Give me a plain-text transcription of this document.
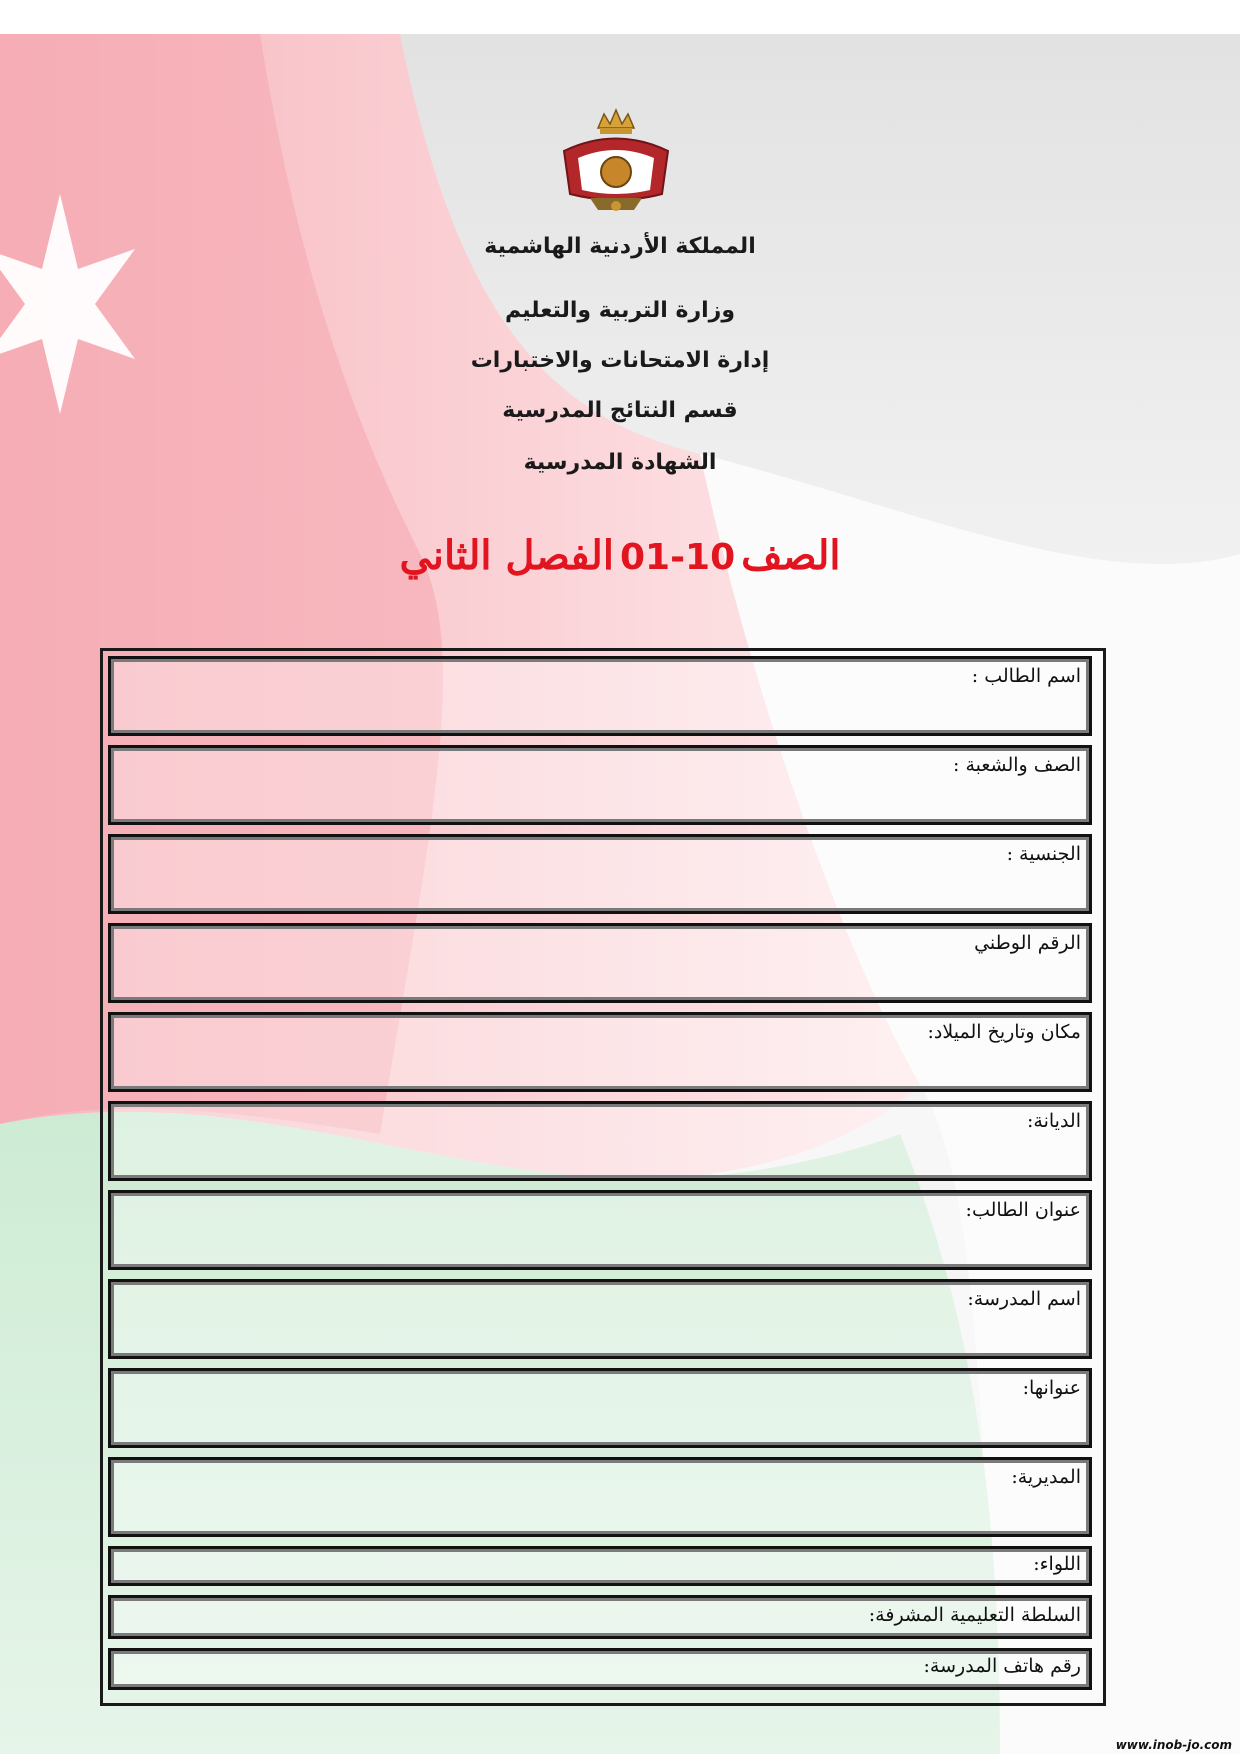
المملكة الأردنية الهاشمية
وزارة التربية والتعليم
إدارة الامتحانات والاختبارات
قسم النتائج المدرسية
الشهادة المدرسية
الصف10-01الفصل الثاني
اسم الطالب :
الصف والشعبة :
الجنسية :
الرقم الوطني
مكان وتاريخ الميلاد:
الديانة:
عنوان الطالب:
اسم المدرسة:
عنوانها:
المديرية:
اللواء:
السلطة التعليمية المشرفة:
رقم هاتف المدرسة:
www.inob-jo.com
